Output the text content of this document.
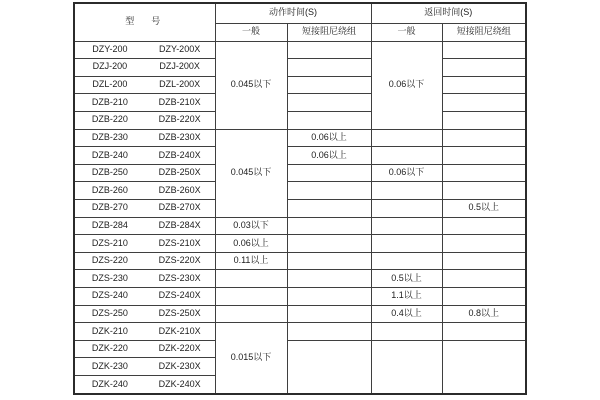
型　号	动作时间(S)		返回时间(S)	
	一般	短接阻尼绕组	一般	短接阻尼绕组

DZY-200 DZY-200X	0.045以下		0.06以下	

DZJ-200 DZJ-200X				

DZL-200 DZL-200X				

DZB-210 DZB-210X				

DZB-220 DZB-220X				

DZB-230 DZB-230X	0.045以下	0.06以上		

DZB-240 DZB-240X		0.06以上		

DZB-250 DZB-250X			0.06以下	

DZB-260 DZB-260X				

DZB-270 DZB-270X				0.5以上

DZB-284 DZB-284X	0.03以下			

DZS-210 DZS-210X	0.06以上			

DZS-220 DZS-220X	0.11以上			

DZS-230 DZS-230X			0.5以上	

DZS-240 DZS-240X			1.1以上	

DZS-250 DZS-250X			0.4以上	0.8以上

DZK-210 DZK-210X	0.015以下			

DZK-220 DZK-220X				

DZK-230 DZK-230X				

DZK-240 DZK-240X				
